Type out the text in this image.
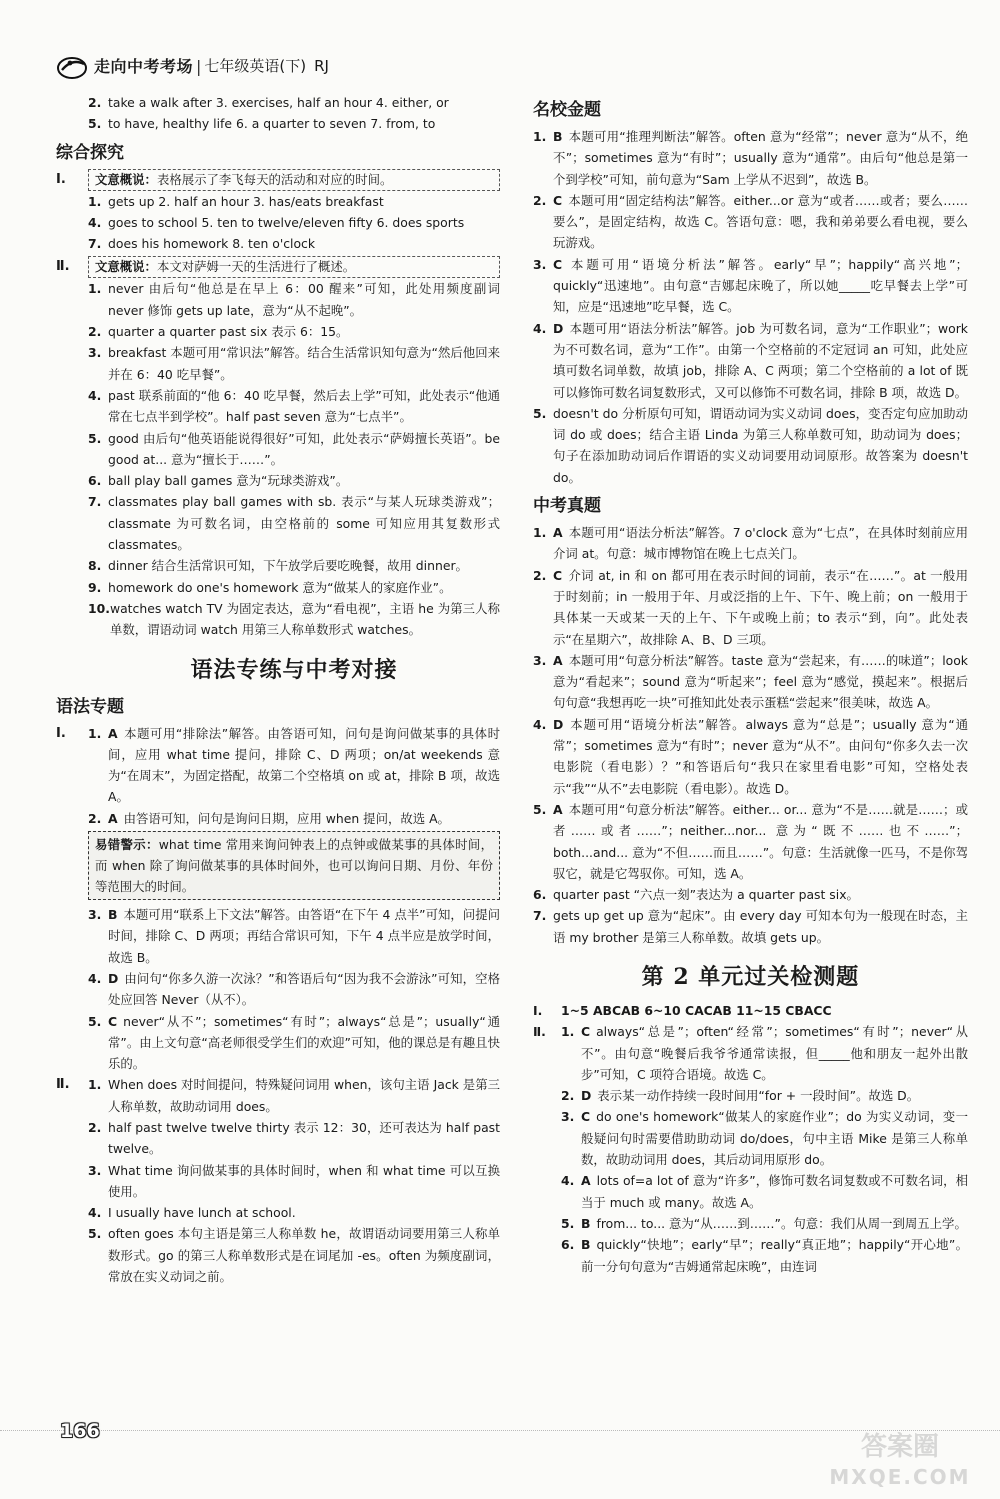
走向中考考场 | 七年级英语(下) RJ
2. take a walk after 3. exercises, half an hour 4. either, or
5. to have, healthy life 6. a quarter to seven 7. from, to
综合探究
Ⅰ.	文意概说：表格展示了李飞每天的活动和对应的时间。
1. gets up 2. half an hour 3. has/eats breakfast
4. goes to school 5. ten to twelve/eleven fifty 6. does sports
7. does his homework 8. ten o'clock
Ⅱ.	文意概说：本文对萨姆一天的生活进行了概述。
1. never 由后句“他总是在早上 6：00 醒来”可知，此处用频度副词 never 修饰 gets up late，意为“从不起晚”。
2. quarter a quarter past six 表示 6：15。
3. breakfast 本题可用“常识法”解答。结合生活常识知句意为“然后他回来并在 6：40 吃早餐”。
4. past 联系前面的“他 6：40 吃早餐，然后去上学”可知，此处表示“他通常在七点半到学校”。half past seven 意为“七点半”。
5. good 由后句“他英语能说得很好”可知，此处表示“萨姆擅长英语”。be good at... 意为“擅长于……”。
6. ball play ball games 意为“玩球类游戏”。
7. classmates play ball games with sb. 表示“与某人玩球类游戏”；classmate 为可数名词，由空格前的 some 可知应用其复数形式 classmates。
8. dinner 结合生活常识可知，下午放学后要吃晚餐，故用 dinner。
9. homework do one's homework 意为“做某人的家庭作业”。
10. watches watch TV 为固定表达，意为“看电视”，主语 he 为第三人称单数，谓语动词 watch 用第三人称单数形式 watches。
语法专练与中考对接
语法专题
Ⅰ.	1. A 本题可用“排除法”解答。由答语可知，问句是询问做某事的具体时间，应用 what time 提问，排除 C、D 两项；on/at weekends 意为“在周末”，为固定搭配，故第二个空格填 on 或 at，排除 B 项，故选 A。
2. A 由答语可知，问句是询问日期，应用 when 提问，故选 A。
易错警示：what time 常用来询问钟表上的点钟或做某事的具体时间，而 when 除了询问做某事的具体时间外，也可以询问日期、月份、年份等范围大的时间。
3. B 本题可用“联系上下文法”解答。由答语“在下午 4 点半”可知，问提问时间，排除 C、D 两项；再结合常识可知，下午 4 点半应是放学时间，故选 B。
4. D 由问句“你多久游一次泳？”和答语后句“因为我不会游泳”可知，空格处应回答 Never（从不）。
5. C never“从不”；sometimes“有时”；always“总是”；usually“通常”。由上文句意“高老师很受学生们的欢迎”可知，他的课总是有趣且快乐的。
Ⅱ.	1. When does 对时间提问，特殊疑问词用 when，该句主语 Jack 是第三人称单数，故助动词用 does。
2. half past twelve twelve thirty 表示 12：30，还可表达为 half past twelve。
3. What time 询问做某事的具体时间时，when 和 what time 可以互换使用。
4. I usually have lunch at school.
5. often goes 本句主语是第三人称单数 he，故谓语动词要用第三人称单数形式。go 的第三人称单数形式是在词尾加 -es。often 为频度副词，常放在实义动词之前。
名校金题
1. B 本题可用“推理判断法”解答。often 意为“经常”；never 意为“从不，绝不”；sometimes 意为“有时”；usually 意为“通常”。由后句“他总是第一个到学校”可知，前句意为“Sam 上学从不迟到”，故选 B。
2. C 本题可用“固定结构法”解答。either...or 意为“或者……或者；要么……要么”，是固定结构，故选 C。答语句意：嗯，我和弟弟要么看电视，要么玩游戏。
3. C 本题可用“语境分析法”解答。early“早”；happily“高兴地”；quickly“迅速地”。由句意“吉娜起床晚了，所以她_____吃早餐去上学”可知，应是“迅速地”吃早餐，选 C。
4. D 本题可用“语法分析法”解答。job 为可数名词，意为“工作职业”；work 为不可数名词，意为“工作”。由第一个空格前的不定冠词 an 可知，此处应填可数名词单数，故填 job，排除 A、C 两项；第二个空格前的 a lot of 既可以修饰可数名词复数形式，又可以修饰不可数名词，排除 B 项，故选 D。
5. doesn't do 分析原句可知，谓语动词为实义动词 does，变否定句应加助动词 do 或 does；结合主语 Linda 为第三人称单数可知，助动词为 does；句子在添加助动词后作谓语的实义动词要用动词原形。故答案为 doesn't do。
中考真题
1. A 本题可用“语法分析法”解答。7 o'clock 意为“七点”，在具体时刻前应用介词 at。句意：城市博物馆在晚上七点关门。
2. C 介词 at, in 和 on 都可用在表示时间的词前，表示“在……”。at 一般用于时刻前；in 一般用于年、月或泛指的上午、下午、晚上前；on 一般用于具体某一天或某一天的上午、下午或晚上前；to 表示“到，向”。此处表示“在星期六”，故排除 A、B、D 三项。
3. A 本题可用“句意分析法”解答。taste 意为“尝起来，有……的味道”；look 意为“看起来”；sound 意为“听起来”；feel 意为“感觉，摸起来”。根据后句句意“我想再吃一块”可推知此处表示蛋糕“尝起来”很美味，故选 A。
4. D 本题可用“语境分析法”解答。always 意为“总是”；usually 意为“通常”；sometimes 意为“有时”；never 意为“从不”。由问句“你多久去一次电影院（看电影）？”和答语后句“我只在家里看电影”可知，空格处表示“我”“从不”去电影院（看电影）。故选 D。
5. A 本题可用“句意分析法”解答。either... or... 意为“不是……就是……；或者……或者……”；neither...nor... 意为“既不……也不……”；both...and... 意为“不但……而且……”。句意：生活就像一匹马，不是你驾驭它，就是它驾驭你。可知，选 A。
6. quarter past “六点一刻”表达为 a quarter past six。
7. gets up get up 意为“起床”。由 every day 可知本句为一般现在时态，主语 my brother 是第三人称单数。故填 gets up。
第 2 单元过关检测题
Ⅰ.	1~5 ABCAB 6~10 CACAB 11~15 CBACC
Ⅱ.	1. C always“总是”；often“经常”；sometimes“有时”；never“从不”。由句意“晚餐后我爷爷通常读报，但_____他和朋友一起外出散步”可知，C 项符合语境。故选 C。
2. D 表示某一动作持续一段时间用“for + 一段时间”。故选 D。
3. C do one's homework“做某人的家庭作业”；do 为实义动词，变一般疑问句时需要借助助动词 do/does，句中主语 Mike 是第三人称单数，故助动词用 does，其后动词用原形 do。
4. A lots of=a lot of 意为“许多”，修饰可数名词复数或不可数名词，相当于 much 或 many。故选 A。
5. B from... to... 意为“从……到……”。句意：我们从周一到周五上学。
6. B quickly“快地”；early“早”；really“真正地”；happily“开心地”。前一分句句意为“吉姆通常起床晚”，由连词
166
答案圈
MXQE.COM
